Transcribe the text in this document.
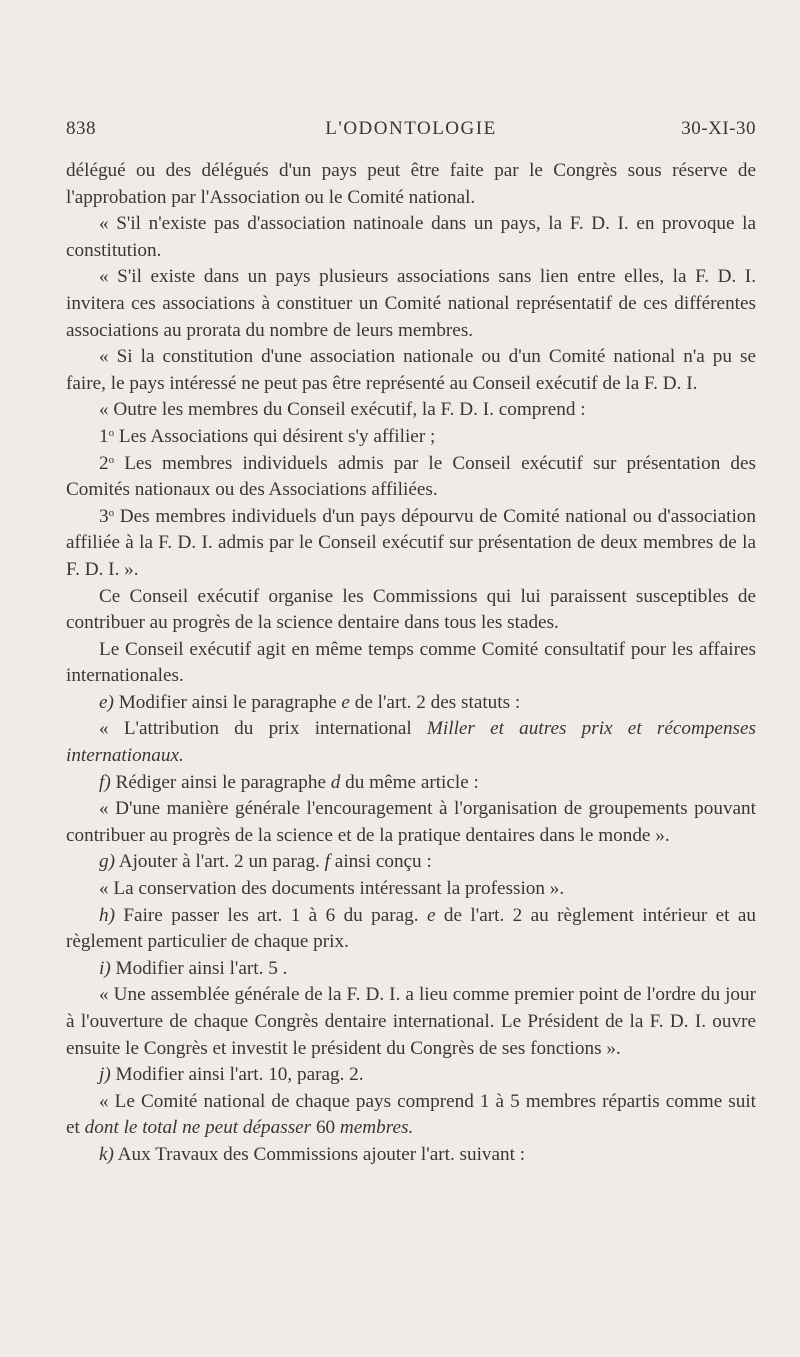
838	L'ODONTOLOGIE	30-XI-30

délégué ou des délégués d'un pays peut être faite par le Congrès sous réserve de l'approbation par l'Association ou le Comité national.

« S'il n'existe pas d'association natinoale dans un pays, la F. D. I. en provoque la constitution.

« S'il existe dans un pays plusieurs associations sans lien entre elles, la F. D. I. invitera ces associations à constituer un Comité national représentatif de ces différentes associations au prorata du nombre de leurs membres.

« Si la constitution d'une association nationale ou d'un Comité national n'a pu se faire, le pays intéressé ne peut pas être représenté au Conseil exécutif de la F. D. I.

« Outre les membres du Conseil exécutif, la F. D. I. comprend :

1$^o$ Les Associations qui désirent s'y affilier ;

2$^o$ Les membres individuels admis par le Conseil exécutif sur présentation des Comités nationaux ou des Associations affiliées.

3$^o$ Des membres individuels d'un pays dépourvu de Comité national ou d'association affiliée à la F. D. I. admis par le Conseil exécutif sur présentation de deux membres de la F. D. I. ».

Ce Conseil exécutif organise les Commissions qui lui paraissent susceptibles de contribuer au progrès de la science dentaire dans tous les stades.

Le Conseil exécutif agit en même temps comme Comité consultatif pour les affaires internationales.

e) Modifier ainsi le paragraphe e de l'art. 2 des statuts :

« L'attribution du prix international Miller et autres prix et récompenses internationaux.

f) Rédiger ainsi le paragraphe d du même article :

« D'une manière générale l'encouragement à l'organisation de groupements pouvant contribuer au progrès de la science et de la pratique dentaires dans le monde ».

g) Ajouter à l'art. 2 un parag. f ainsi conçu :

« La conservation des documents intéressant la profession ».

h) Faire passer les art. 1 à 6 du parag. e de l'art. 2 au règlement intérieur et au règlement particulier de chaque prix.

i) Modifier ainsi l'art. 5 .

« Une assemblée générale de la F. D. I. a lieu comme premier point de l'ordre du jour à l'ouverture de chaque Congrès dentaire international. Le Président de la F. D. I. ouvre ensuite le Congrès et investit le président du Congrès de ses fonctions ».

j) Modifier ainsi l'art. 10, parag. 2.

« Le Comité national de chaque pays comprend 1 à 5 membres répartis comme suit et dont le total ne peut dépasser 60 membres.

k) Aux Travaux des Commissions ajouter l'art. suivant :
